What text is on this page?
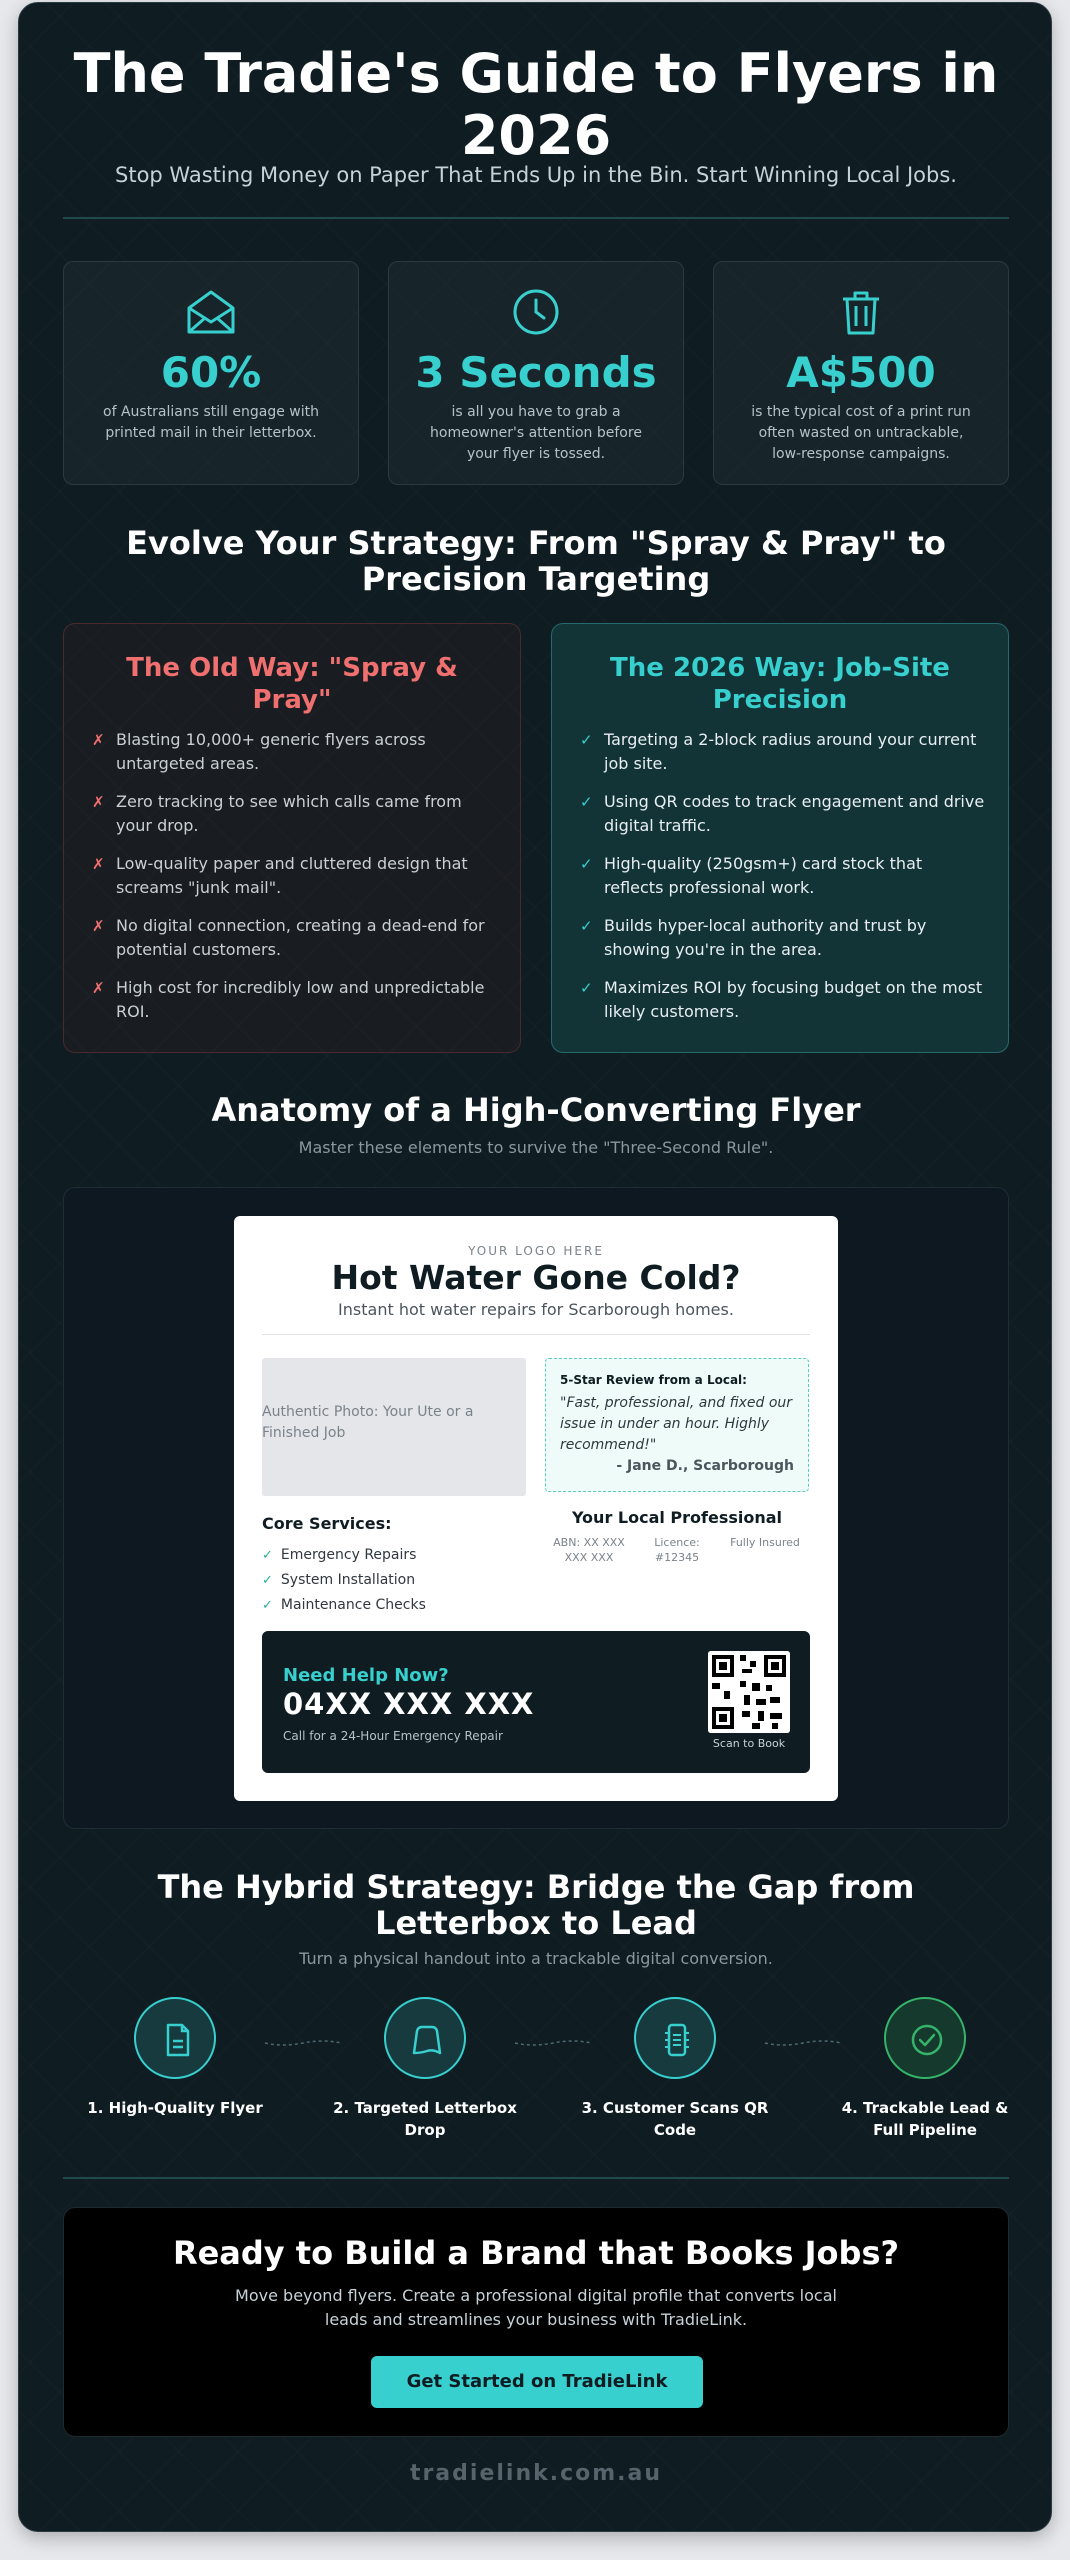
The Tradie's Guide to Flyers in 2026
Stop Wasting Money on Paper That Ends Up in the Bin. Start Winning Local Jobs.
60%
of Australians still engage with printed mail in their letterbox.
3 Seconds
is all you have to grab a homeowner's attention before your flyer is tossed.
A$500
is the typical cost of a print run often wasted on untrackable, low-response campaigns.
Evolve Your Strategy: From "Spray & Pray" to Precision Targeting
The Old Way: "Spray & Pray"
✗ Blasting 10,000+ generic flyers across untargeted areas.
✗ Zero tracking to see which calls came from your drop.
✗ Low-quality paper and cluttered design that screams "junk mail".
✗ No digital connection, creating a dead-end for potential customers.
✗ High cost for incredibly low and unpredictable ROI.
The 2026 Way: Job-Site Precision
✓ Targeting a 2-block radius around your current job site.
✓ Using QR codes to track engagement and drive digital traffic.
✓ High-quality (250gsm+) card stock that reflects professional work.
✓ Builds hyper-local authority and trust by showing you're in the area.
✓ Maximizes ROI by focusing budget on the most likely customers.
Anatomy of a High-Converting Flyer
Master these elements to survive the "Three-Second Rule".
YOUR LOGO HERE
Hot Water Gone Cold?
Instant hot water repairs for Scarborough homes.
Authentic Photo: Your Ute or a Finished Job
5-Star Review from a Local:
"Fast, professional, and fixed our issue in under an hour. Highly recommend!"
- Jane D., Scarborough
Core Services:
✓ Emergency Repairs
✓ System Installation
✓ Maintenance Checks
Your Local Professional
ABN: XX XXX XXX XXX
Licence: #12345
Fully Insured
Need Help Now?
04XX XXX XXX
Call for a 24-Hour Emergency Repair
Scan to Book
The Hybrid Strategy: Bridge the Gap from Letterbox to Lead
Turn a physical handout into a trackable digital conversion.
1. High-Quality Flyer	2. Targeted Letterbox Drop
3. Customer Scans QR Code
4. Trackable Lead & Full Pipeline
Ready to Build a Brand that Books Jobs?
Move beyond flyers. Create a professional digital profile that converts local leads and streamlines your business with TradieLink.
Get Started on TradieLink
tradielink.com.au
